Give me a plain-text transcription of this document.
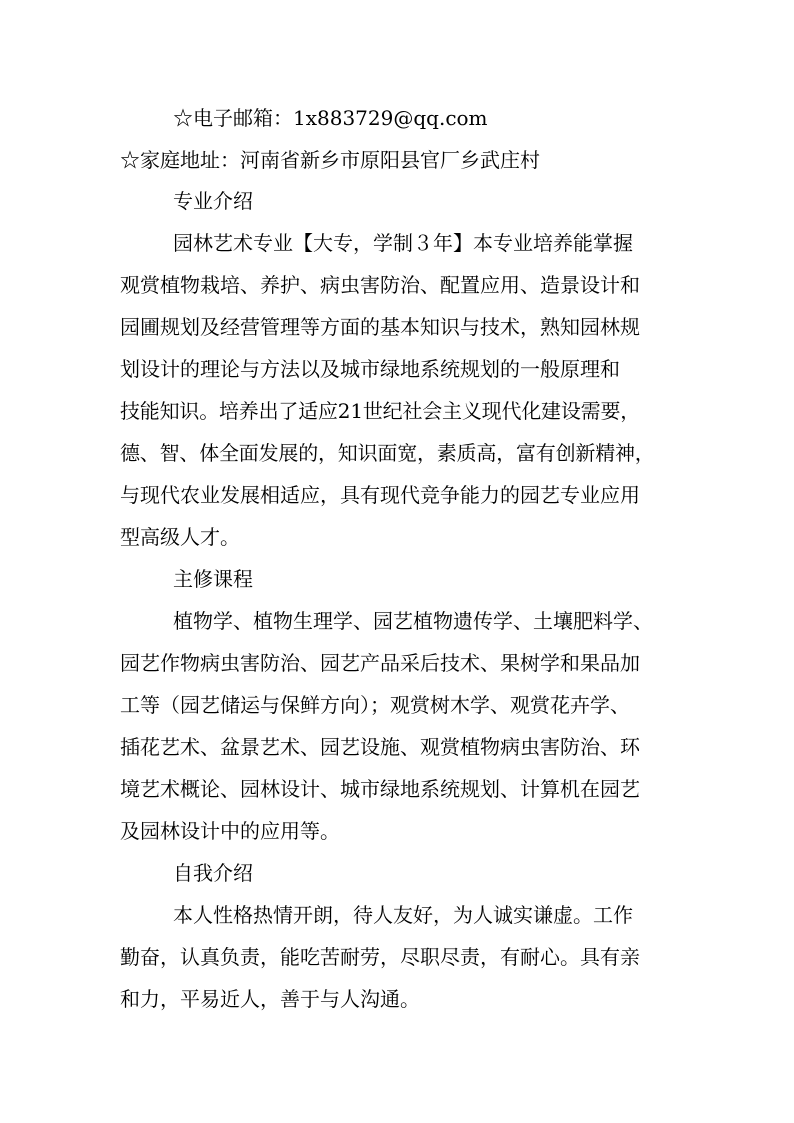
☆电子邮箱：1x883729@qq.com
☆家庭地址：河南省新乡市原阳县官厂乡武庄村
专业介绍
园林艺术专业【大专，学制３年】本专业培养能掌握
观赏植物栽培、养护、病虫害防治、配置应用、造景设计和
园圃规划及经营管理等方面的基本知识与技术，熟知园林规
划设计的理论与方法以及城市绿地系统规划的一般原理和
技能知识。培养出了适应21世纪社会主义现代化建设需要，
德、智、体全面发展的，知识面宽，素质高，富有创新精神，
与现代农业发展相适应，具有现代竞争能力的园艺专业应用
型高级人才。
主修课程
植物学、植物生理学、园艺植物遗传学、土壤肥料学、
园艺作物病虫害防治、园艺产品采后技术、果树学和果品加
工等（园艺储运与保鲜方向）；观赏树木学、观赏花卉学、
插花艺术、盆景艺术、园艺设施、观赏植物病虫害防治、环
境艺术概论、园林设计、城市绿地系统规划、计算机在园艺
及园林设计中的应用等。
自我介绍
本人性格热情开朗，待人友好，为人诚实谦虚。工作
勤奋，认真负责，能吃苦耐劳，尽职尽责，有耐心。具有亲
和力，平易近人，善于与人沟通。
